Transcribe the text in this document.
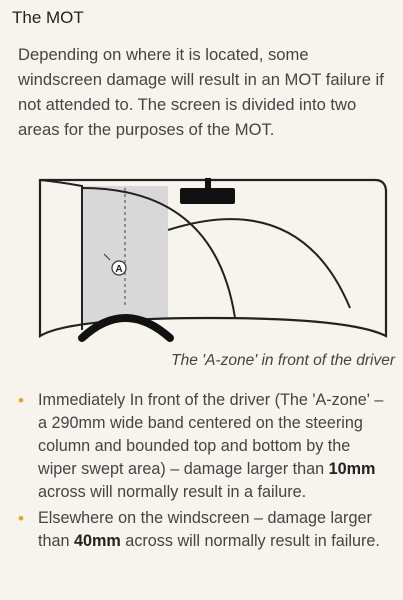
The MOT
Depending on where it is located, some windscreen damage will result in an MOT failure if not attended to. The screen is divided into two areas for the purposes of the MOT.
A
The 'A-zone' in front of the driver
• Immediately In front of the driver (The 'A-zone' – a 290mm wide band centered on the steering column and bounded top and bottom by the wiper swept area) – damage larger than 10mm across will normally result in a failure.
• Elsewhere on the windscreen – damage larger than 40mm across will normally result in failure.
